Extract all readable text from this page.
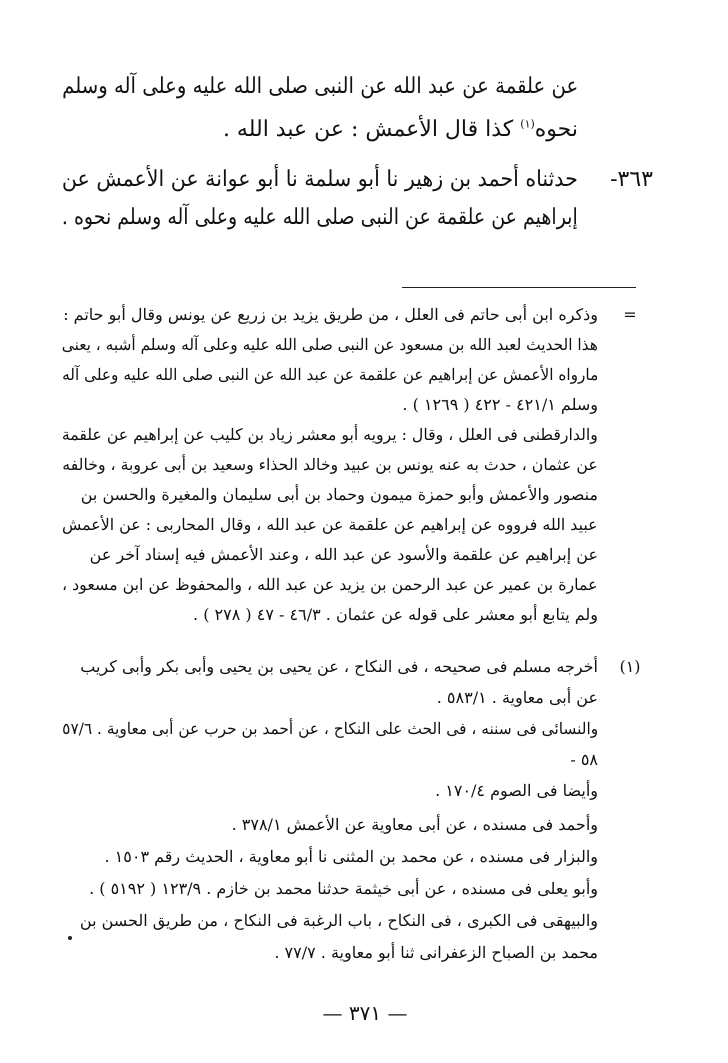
عن علقمة عن عبد الله عن النبى صلى الله عليه وعلى آله وسلم
نحوه$^{(١)}$ كذا قال الأعمش : عن عبد الله .
٣٦٣-
حدثناه أحمد بن زهير نا أبو سلمة نا أبو عوانة عن الأعمش عن
إبراهيم عن علقمة عن النبى صلى الله عليه وعلى آله وسلم نحوه .
=
وذكره ابن أبى حاتم فى العلل ، من طريق يزيد بن زريع عن يونس وقال أبو حاتم :
هذا الحديث لعبد الله بن مسعود عن النبى صلى الله عليه وعلى آله وسلم أشبه ، يعنى
مارواه الأعمش عن إبراهيم عن علقمة عن عبد الله عن النبى صلى الله عليه وعلى آله
وسلم ٤٢١/١ - ٤٢٢ ( ١٢٦٩ ) .
والدارقطنى فى العلل ، وقال : يرويه أبو معشر زياد بن كليب عن إبراهيم عن علقمة
عن عثمان ، حدث به عنه يونس بن عبيد وخالد الحذاء وسعيد بن أبى عروبة ، وخالفه
منصور والأعمش وأبو حمزة ميمون وحماد بن أبى سليمان والمغيرة والحسن بن
عبيد الله فرووه عن إبراهيم عن علقمة عن عبد الله ، وقال المحاربى : عن الأعمش
عن إبراهيم عن علقمة والأسود عن عبد الله ، وعند الأعمش فيه إسناد آخر عن
عمارة بن عمير عن عبد الرحمن بن يزيد عن عبد الله ، والمحفوظ عن ابن مسعود ،
ولم يتابع أبو معشر على قوله عن عثمان . ٤٦/٣ - ٤٧ ( ٢٧٨ ) .
(١)
أخرجه مسلم فى صحيحه ، فى النكاح ، عن يحيى بن يحيى وأبى بكر وأبى كريب
عن أبى معاوية . ٥٨٣/١ .
والنسائى فى سننه ، فى الحث على النكاح ، عن أحمد بن حرب عن أبى معاوية . ٥٧/٦
- ٥٨
وأيضا فى الصوم ١٧٠/٤ .
وأحمد فى مسنده ، عن أبى معاوية عن الأعمش ٣٧٨/١ .
والبزار فى مسنده ، عن محمد بن المثنى نا أبو معاوية ، الحديث رقم ١٥٠٣ .
وأبو يعلى فى مسنده ، عن أبى خيثمة حدثنا محمد بن خازم . ١٢٣/٩ ( ٥١٩٢ ) .
والبيهقى فى الكبرى ، فى النكاح ، باب الرغبة فى النكاح ، من طريق الحسن بن
محمد بن الصباح الزعفرانى ثنا أبو معاوية . ٧٧/٧ .
— ٣٧١ —
